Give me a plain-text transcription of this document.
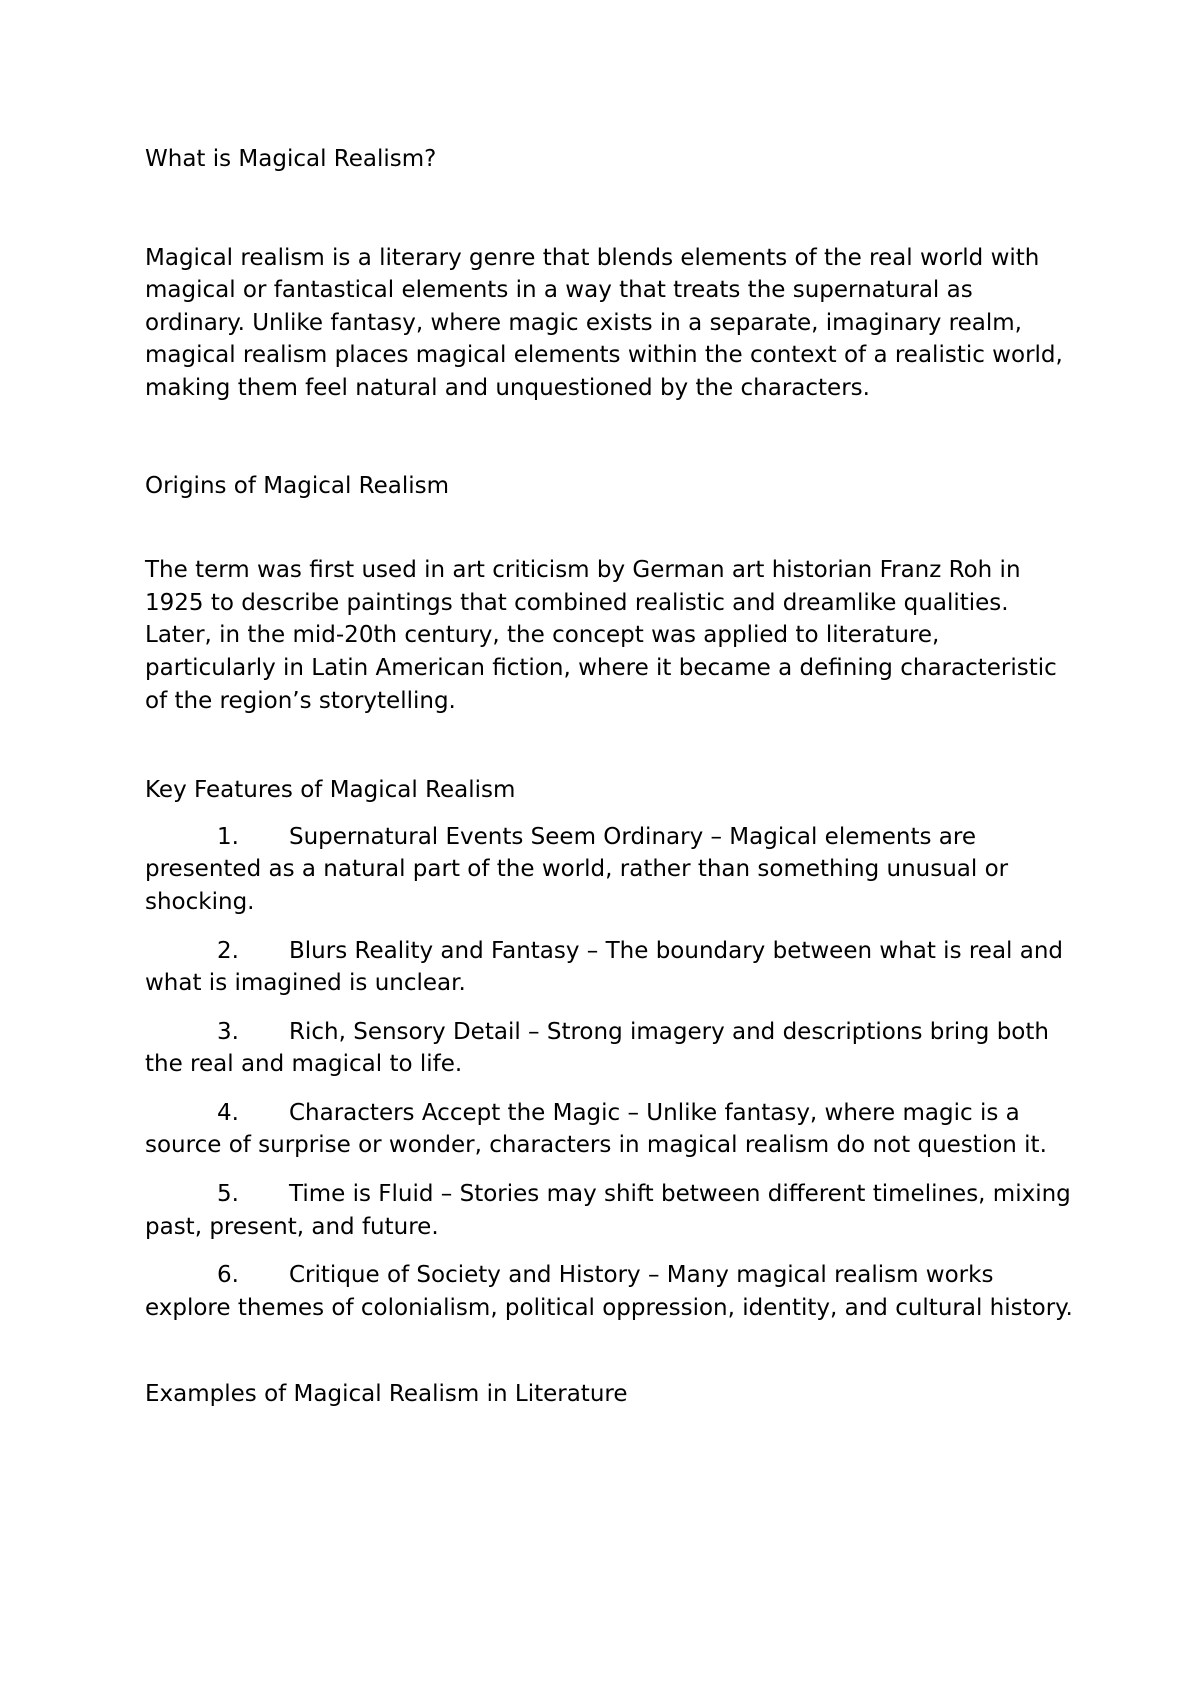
What is Magical Realism?

Magical realism is a literary genre that blends elements of the real world with magical or fantastical elements in a way that treats the supernatural as ordinary. Unlike fantasy, where magic exists in a separate, imaginary realm, magical realism places magical elements within the context of a realistic world, making them feel natural and unquestioned by the characters.

Origins of Magical Realism

The term was first used in art criticism by German art historian Franz Roh in 1925 to describe paintings that combined realistic and dreamlike qualities. Later, in the mid-20th century, the concept was applied to literature, particularly in Latin American fiction, where it became a defining characteristic of the region’s storytelling.

Key Features of Magical Realism

1. Supernatural Events Seem Ordinary – Magical elements are presented as a natural part of the world, rather than something unusual or shocking.
2. Blurs Reality and Fantasy – The boundary between what is real and what is imagined is unclear.
3. Rich, Sensory Detail – Strong imagery and descriptions bring both the real and magical to life.
4. Characters Accept the Magic – Unlike fantasy, where magic is a source of surprise or wonder, characters in magical realism do not question it.
5. Time is Fluid – Stories may shift between different timelines, mixing past, present, and future.
6. Critique of Society and History – Many magical realism works explore themes of colonialism, political oppression, identity, and cultural history.

Examples of Magical Realism in Literature
